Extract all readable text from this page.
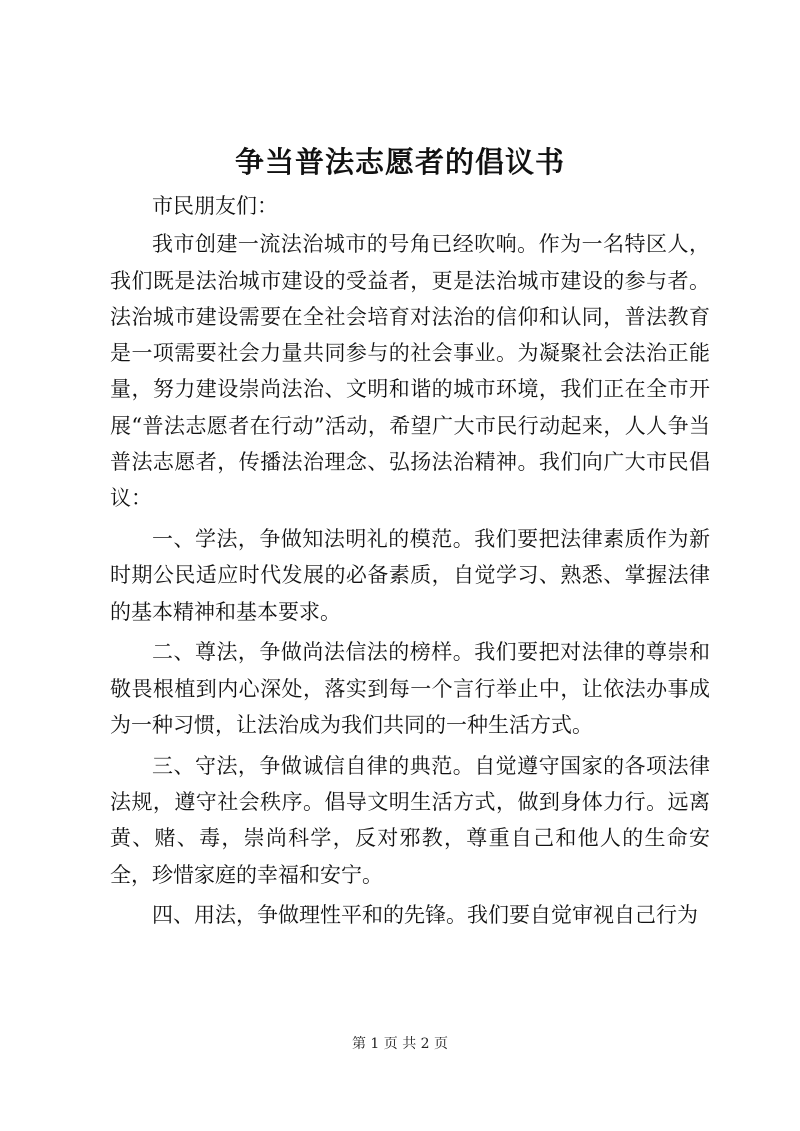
争当普法志愿者的倡议书

市民朋友们：

我市创建一流法治城市的号角已经吹响。作为一名特区人，我们既是法治城市建设的受益者，更是法治城市建设的参与者。法治城市建设需要在全社会培育对法治的信仰和认同，普法教育是一项需要社会力量共同参与的社会事业。为凝聚社会法治正能量，努力建设崇尚法治、文明和谐的城市环境，我们正在全市开展“普法志愿者在行动”活动，希望广大市民行动起来，人人争当普法志愿者，传播法治理念、弘扬法治精神。我们向广大市民倡议：

一、学法，争做知法明礼的模范。我们要把法律素质作为新时期公民适应时代发展的必备素质，自觉学习、熟悉、掌握法律的基本精神和基本要求。

二、尊法，争做尚法信法的榜样。我们要把对法律的尊崇和敬畏根植到内心深处，落实到每一个言行举止中，让依法办事成为一种习惯，让法治成为我们共同的一种生活方式。

三、守法，争做诚信自律的典范。自觉遵守国家的各项法律法规，遵守社会秩序。倡导文明生活方式，做到身体力行。远离黄、赌、毒，崇尚科学，反对邪教，尊重自己和他人的生命安全，珍惜家庭的幸福和安宁。

四、用法，争做理性平和的先锋。我们要自觉审视自己行为

第 1 页 共 2 页
